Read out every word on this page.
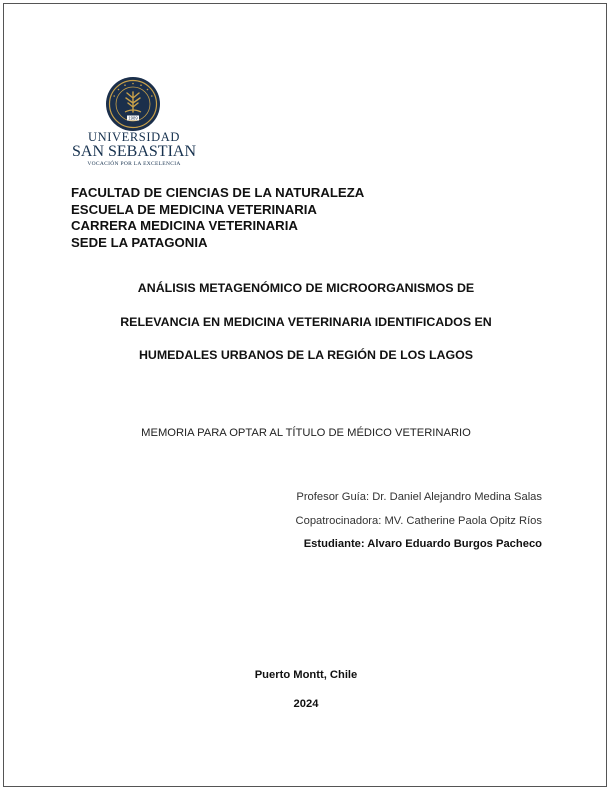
1989
UNIVERSIDAD
SAN SEBASTIAN
VOCACIÓN POR LA EXCELENCIA
FACULTAD DE CIENCIAS DE LA NATURALEZA
ESCUELA DE MEDICINA VETERINARIA
CARRERA MEDICINA VETERINARIA
SEDE LA PATAGONIA
ANÁLISIS METAGENÓMICO DE MICROORGANISMOS DE
RELEVANCIA EN MEDICINA VETERINARIA IDENTIFICADOS EN
HUMEDALES URBANOS DE LA REGIÓN DE LOS LAGOS
MEMORIA PARA OPTAR AL TÍTULO DE MÉDICO VETERINARIO
Profesor Guía: Dr. Daniel Alejandro Medina Salas
Copatrocinadora: MV. Catherine Paola Opitz Ríos
Estudiante: Alvaro Eduardo Burgos Pacheco
Puerto Montt, Chile
2024
